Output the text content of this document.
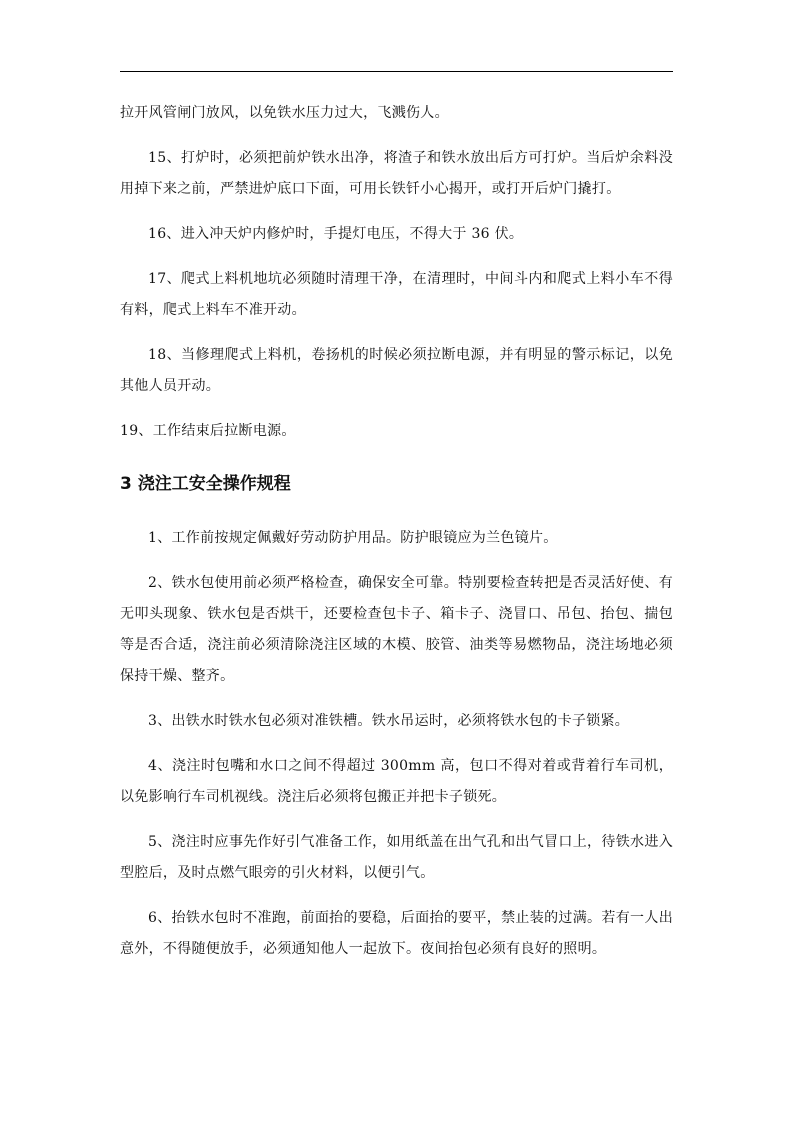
拉开风管闸门放风，以免铁水压力过大，飞溅伤人。

15、打炉时，必须把前炉铁水出净，将渣子和铁水放出后方可打炉。当后炉余料没用掉下来之前，严禁进炉底口下面，可用长铁钎小心揭开，或打开后炉门撬打。

16、进入冲天炉内修炉时，手提灯电压，不得大于 36 伏。

17、爬式上料机地坑必须随时清理干净，在清理时，中间斗内和爬式上料小车不得有料，爬式上料车不准开动。

18、当修理爬式上料机，卷扬机的时候必须拉断电源，并有明显的警示标记，以免其他人员开动。

19、工作结束后拉断电源。

3 浇注工安全操作规程

1、工作前按规定佩戴好劳动防护用品。防护眼镜应为兰色镜片。

2、铁水包使用前必须严格检查，确保安全可靠。特别要检查转把是否灵活好使、有无叩头现象、铁水包是否烘干，还要检查包卡子、箱卡子、浇冒口、吊包、抬包、揣包等是否合适，浇注前必须清除浇注区域的木模、胶管、油类等易燃物品，浇注场地必须保持干燥、整齐。

3、出铁水时铁水包必须对准铁槽。铁水吊运时，必须将铁水包的卡子锁紧。

4、浇注时包嘴和水口之间不得超过 300mm 高，包口不得对着或背着行车司机，以免影响行车司机视线。浇注后必须将包搬正并把卡子锁死。

5、浇注时应事先作好引气准备工作，如用纸盖在出气孔和出气冒口上，待铁水进入型腔后，及时点燃气眼旁的引火材料，以便引气。

6、抬铁水包时不准跑，前面抬的要稳，后面抬的要平，禁止装的过满。若有一人出意外，不得随便放手，必须通知他人一起放下。夜间抬包必须有良好的照明。
